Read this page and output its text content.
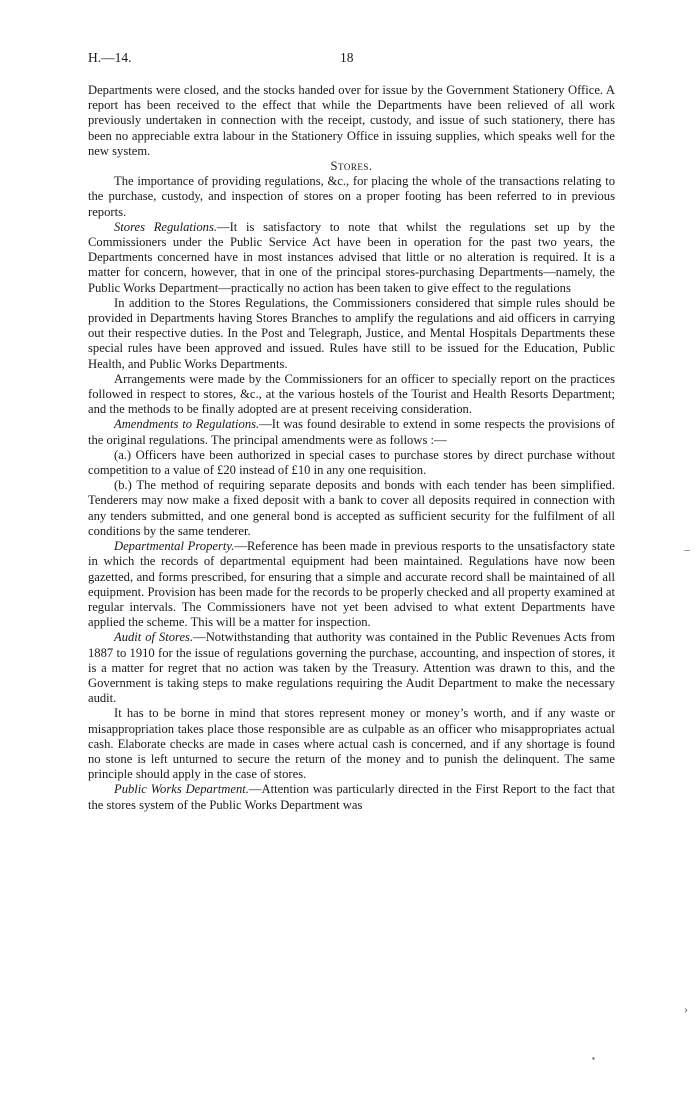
H.—14.	18

Departments were closed, and the stocks handed over for issue by the Government Stationery Office. A report has been received to the effect that while the Departments have been relieved of all work previously undertaken in connection with the receipt, custody, and issue of such stationery, there has been no appreciable extra labour in the Stationery Office in issuing supplies, which speaks well for the new system.

Stores.

The importance of providing regulations, &c., for placing the whole of the transactions relating to the purchase, custody, and inspection of stores on a proper footing has been referred to in previous reports.

Stores Regulations.—It is satisfactory to note that whilst the regulations set up by the Commissioners under the Public Service Act have been in operation for the past two years, the Departments concerned have in most instances advised that little or no alteration is required. It is a matter for concern, however, that in one of the principal stores-purchasing Departments—namely, the Public Works Department—practically no action has been taken to give effect to the regulations

In addition to the Stores Regulations, the Commissioners considered that simple rules should be provided in Departments having Stores Branches to amplify the regulations and aid officers in carrying out their respective duties. In the Post and Telegraph, Justice, and Mental Hospitals Departments these special rules have been approved and issued. Rules have still to be issued for the Education, Public Health, and Public Works Departments.

Arrangements were made by the Commissioners for an officer to specially report on the practices followed in respect to stores, &c., at the various hostels of the Tourist and Health Resorts Department; and the methods to be finally adopted are at present receiving consideration.

Amendments to Regulations.—It was found desirable to extend in some respects the provisions of the original regulations. The principal amendments were as follows :—

(a.) Officers have been authorized in special cases to purchase stores by direct purchase without competition to a value of £20 instead of £10 in any one requisition.

(b.) The method of requiring separate deposits and bonds with each tender has been simplified. Tenderers may now make a fixed deposit with a bank to cover all deposits required in connection with any tenders submitted, and one general bond is accepted as sufficient security for the fulfilment of all conditions by the same tenderer.

Departmental Property.—Reference has been made in previous resports to the unsatisfactory state in which the records of departmental equipment had been maintained. Regulations have now been gazetted, and forms prescribed, for ensuring that a simple and accurate record shall be maintained of all equipment. Provision has been made for the records to be properly checked and all property examined at regular intervals. The Commissioners have not yet been advised to what extent Departments have applied the scheme. This will be a matter for inspection.

Audit of Stores.—Notwithstanding that authority was contained in the Public Revenues Acts from 1887 to 1910 for the issue of regulations governing the purchase, accounting, and inspection of stores, it is a matter for regret that no action was taken by the Treasury. Attention was drawn to this, and the Government is taking steps to make regulations requiring the Audit Department to make the necessary audit.

It has to be borne in mind that stores represent money or money’s worth, and if any waste or misappropriation takes place those responsible are as culpable as an officer who misappropriates actual cash. Elaborate checks are made in cases where actual cash is concerned, and if any shortage is found no stone is left unturned to secure the return of the money and to punish the delinquent. The same principle should apply in the case of stores.

Public Works Department.—Attention was particularly directed in the First Report to the fact that the stores system of the Public Works Department was

‒
›
▪
